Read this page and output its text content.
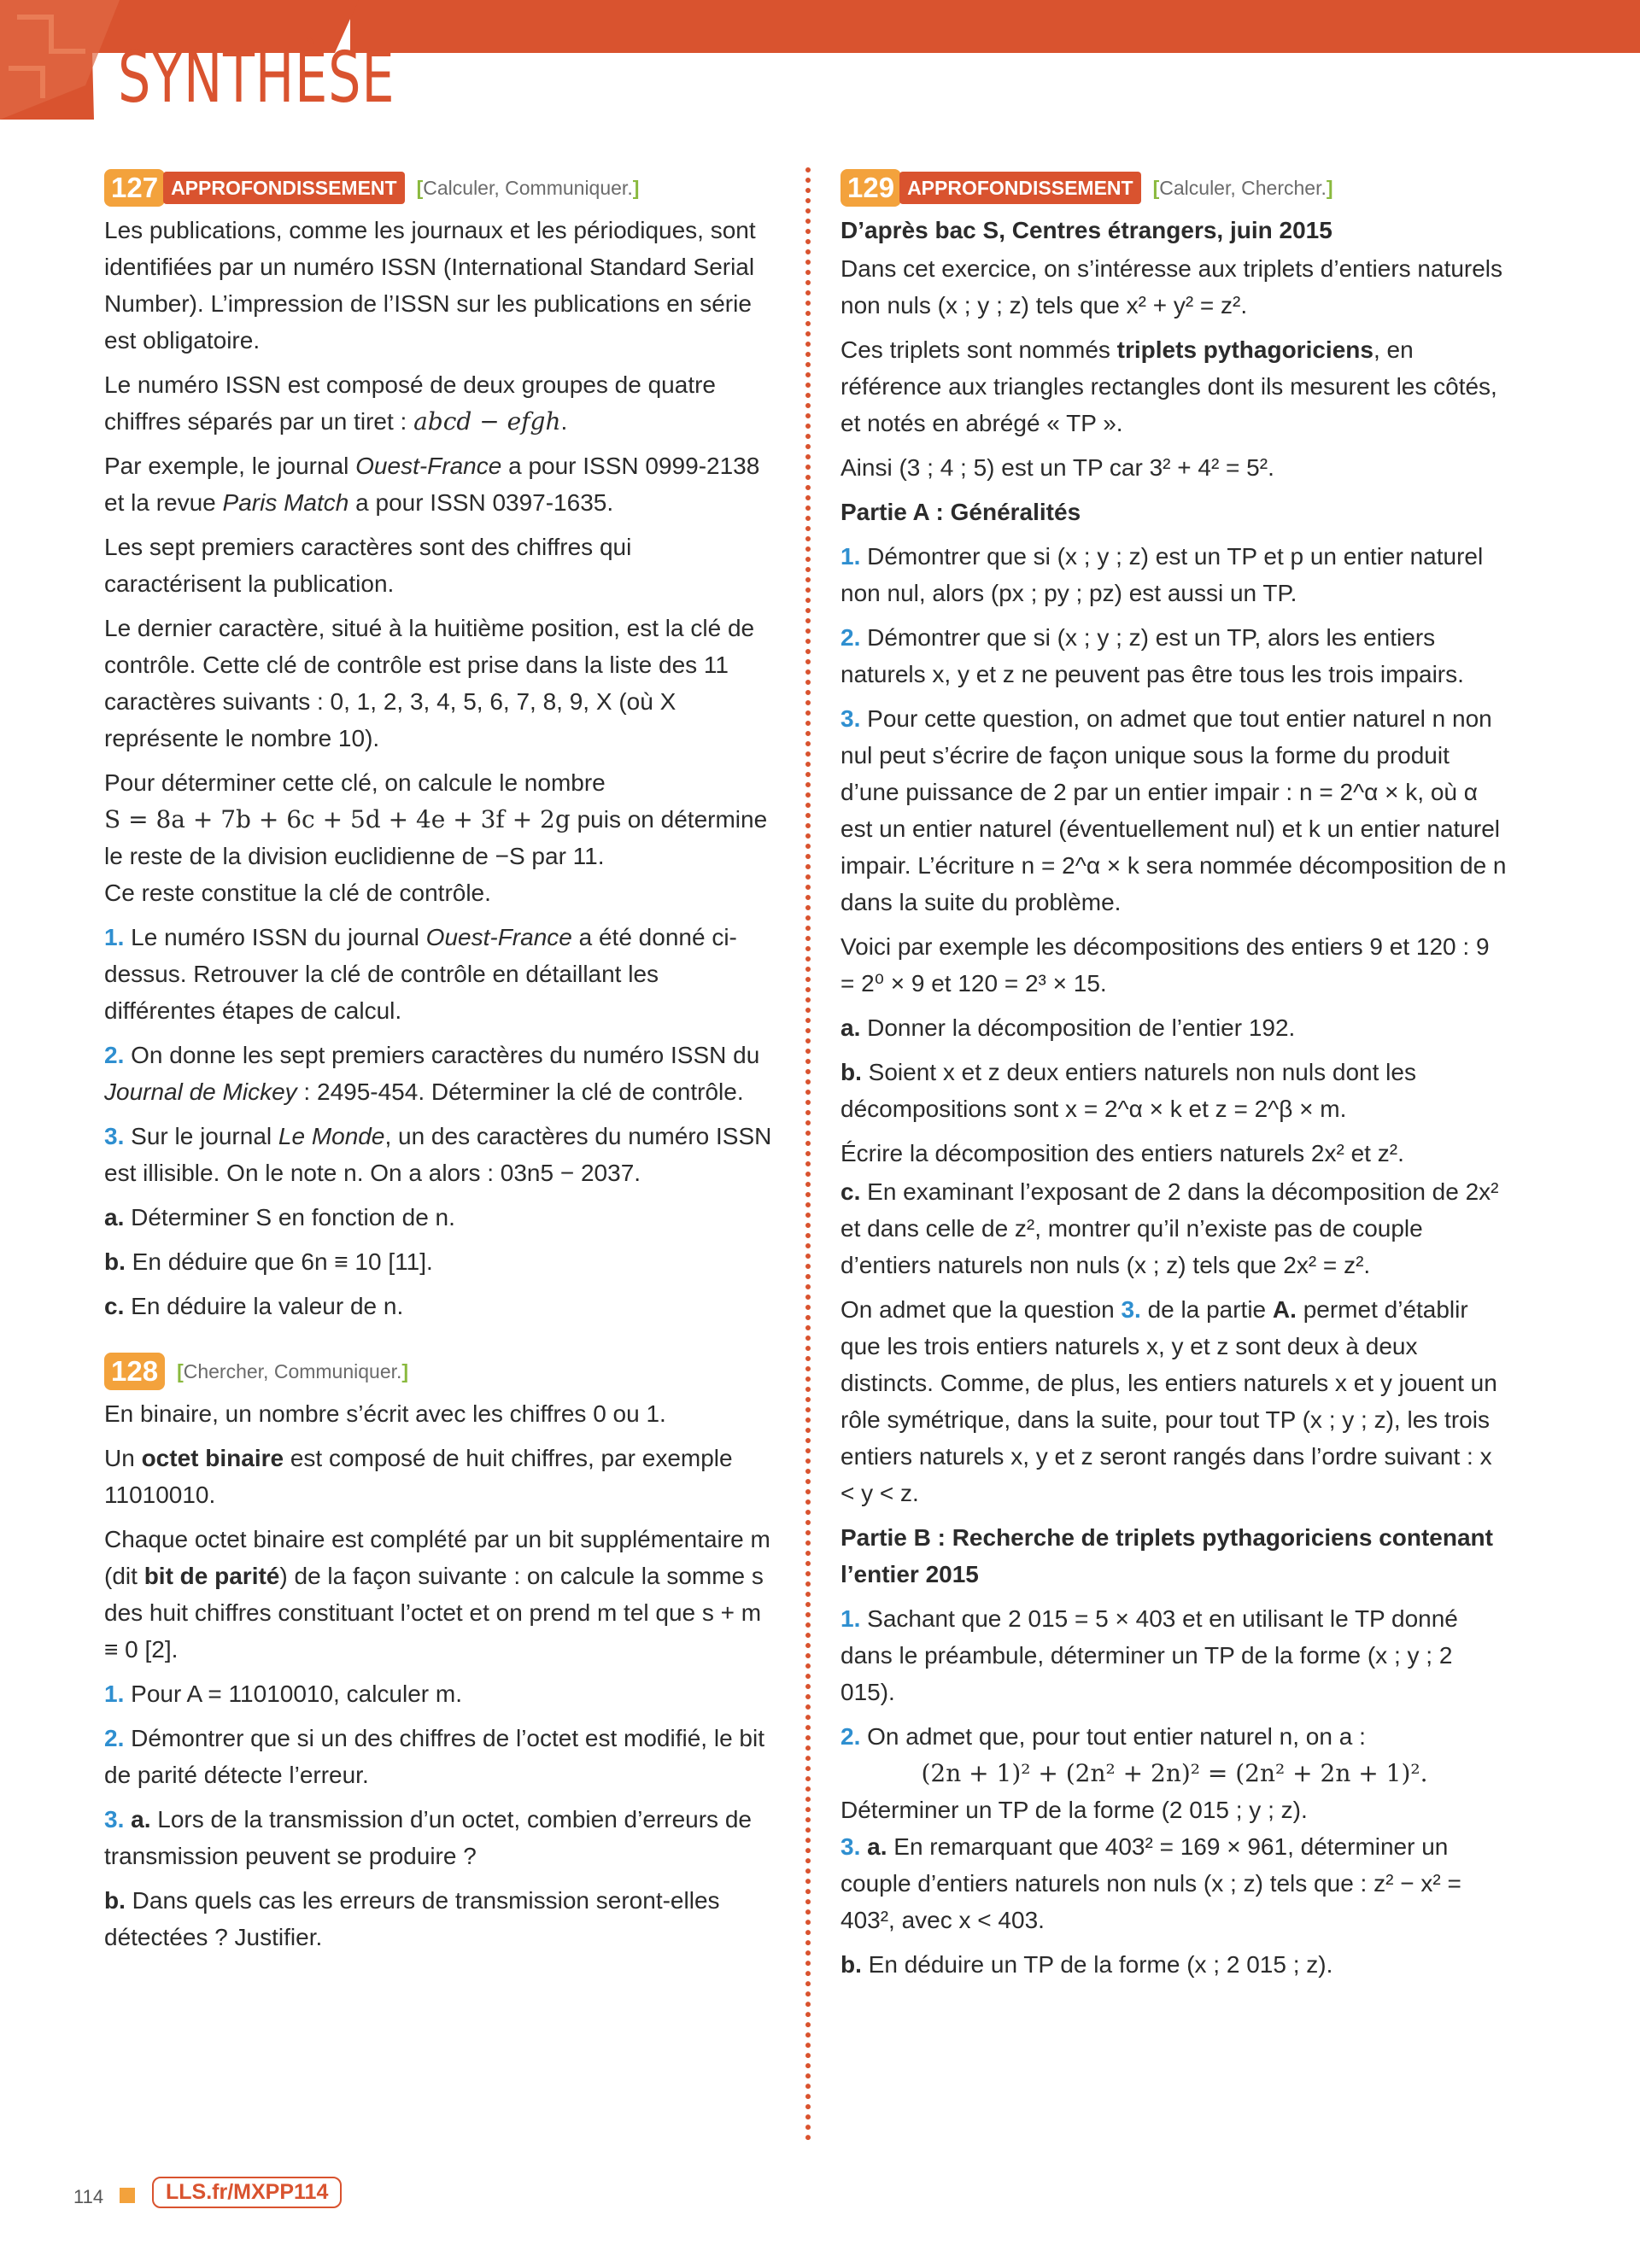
SYNTHÈSE
127 APPROFONDISSEMENT	[Calculer, Communiquer.]

Les publications, comme les journaux et les périodiques, sont identifiées par un numéro ISSN (International Standard Serial Number). L’impression de l’ISSN sur les publications en série est obligatoire.

Le numéro ISSN est composé de deux groupes de quatre chiffres séparés par un tiret : abcd − efgh.

Par exemple, le journal Ouest-France a pour ISSN 0999-2138 et la revue Paris Match a pour ISSN 0397-1635.

Les sept premiers caractères sont des chiffres qui caractérisent la publication.

Le dernier caractère, situé à la huitième position, est la clé de contrôle. Cette clé de contrôle est prise dans la liste des 11 caractères suivants : 0, 1, 2, 3, 4, 5, 6, 7, 8, 9, X (où X représente le nombre 10).

Pour déterminer cette clé, on calcule le nombre
S = 8a + 7b + 6c + 5d + 4e + 3f + 2g puis on détermine le reste de la division euclidienne de −S par 11.
Ce reste constitue la clé de contrôle.

1. Le numéro ISSN du journal Ouest-France a été donné ci-dessus. Retrouver la clé de contrôle en détaillant les différentes étapes de calcul.

2. On donne les sept premiers caractères du numéro ISSN du Journal de Mickey : 2495-454. Déterminer la clé de contrôle.

3. Sur le journal Le Monde, un des caractères du numéro ISSN est illisible. On le note n. On a alors : 03n5 − 2037.

a. Déterminer S en fonction de n.

b. En déduire que 6n ≡ 10 [11].

c. En déduire la valeur de n.

128 [Chercher, Communiquer.]

En binaire, un nombre s’écrit avec les chiffres 0 ou 1.

Un octet binaire est composé de huit chiffres, par exemple 11010010.

Chaque octet binaire est complété par un bit supplémentaire m (dit bit de parité) de la façon suivante : on calcule la somme s des huit chiffres constituant l’octet et on prend m tel que s + m ≡ 0 [2].

1. Pour A = 11010010, calculer m.

2. Démontrer que si un des chiffres de l’octet est modifié, le bit de parité détecte l’erreur.

3. a. Lors de la transmission d’un octet, combien d’erreurs de transmission peuvent se produire ?

b. Dans quels cas les erreurs de transmission seront-elles détectées ? Justifier.

129 APPROFONDISSEMENT	[Calculer, Chercher.]

D’après bac S, Centres étrangers, juin 2015

Dans cet exercice, on s’intéresse aux triplets d’entiers naturels non nuls (x ; y ; z) tels que x² + y² = z².

Ces triplets sont nommés triplets pythagoriciens, en référence aux triangles rectangles dont ils mesurent les côtés, et notés en abrégé « TP ».

Ainsi (3 ; 4 ; 5) est un TP car 3² + 4² = 5².

Partie A : Généralités

1. Démontrer que si (x ; y ; z) est un TP et p un entier naturel non nul, alors (px ; py ; pz) est aussi un TP.

2. Démontrer que si (x ; y ; z) est un TP, alors les entiers naturels x, y et z ne peuvent pas être tous les trois impairs.

3. Pour cette question, on admet que tout entier naturel n non nul peut s’écrire de façon unique sous la forme du produit d’une puissance de 2 par un entier impair : n = 2^α × k, où α est un entier naturel (éventuellement nul) et k un entier naturel impair. L’écriture n = 2^α × k sera nommée décomposition de n dans la suite du problème.

Voici par exemple les décompositions des entiers 9 et 120 : 9 = 2⁰ × 9 et 120 = 2³ × 15.

a. Donner la décomposition de l’entier 192.

b. Soient x et z deux entiers naturels non nuls dont les décompositions sont x = 2^α × k et z = 2^β × m.

Écrire la décomposition des entiers naturels 2x² et z².

c. En examinant l’exposant de 2 dans la décomposition de 2x² et dans celle de z², montrer qu’il n’existe pas de couple d’entiers naturels non nuls (x ; z) tels que 2x² = z².

On admet que la question 3. de la partie A. permet d’établir que les trois entiers naturels x, y et z sont deux à deux distincts. Comme, de plus, les entiers naturels x et y jouent un rôle symétrique, dans la suite, pour tout TP (x ; y ; z), les trois entiers naturels x, y et z seront rangés dans l’ordre suivant : x < y < z.

Partie B : Recherche de triplets pythagoriciens contenant l’entier 2015

1. Sachant que 2 015 = 5 × 403 et en utilisant le TP donné dans le préambule, déterminer un TP de la forme (x ; y ; 2 015).

2. On admet que, pour tout entier naturel n, on a :

(2n + 1)² + (2n² + 2n)² = (2n² + 2n + 1)².

Déterminer un TP de la forme (2 015 ; y ; z).

3. a. En remarquant que 403² = 169 × 961, déterminer un couple d’entiers naturels non nuls (x ; z) tels que : z² − x² = 403², avec x < 403.

b. En déduire un TP de la forme (x ; 2 015 ; z).

114	LLS.fr/MXPP114
